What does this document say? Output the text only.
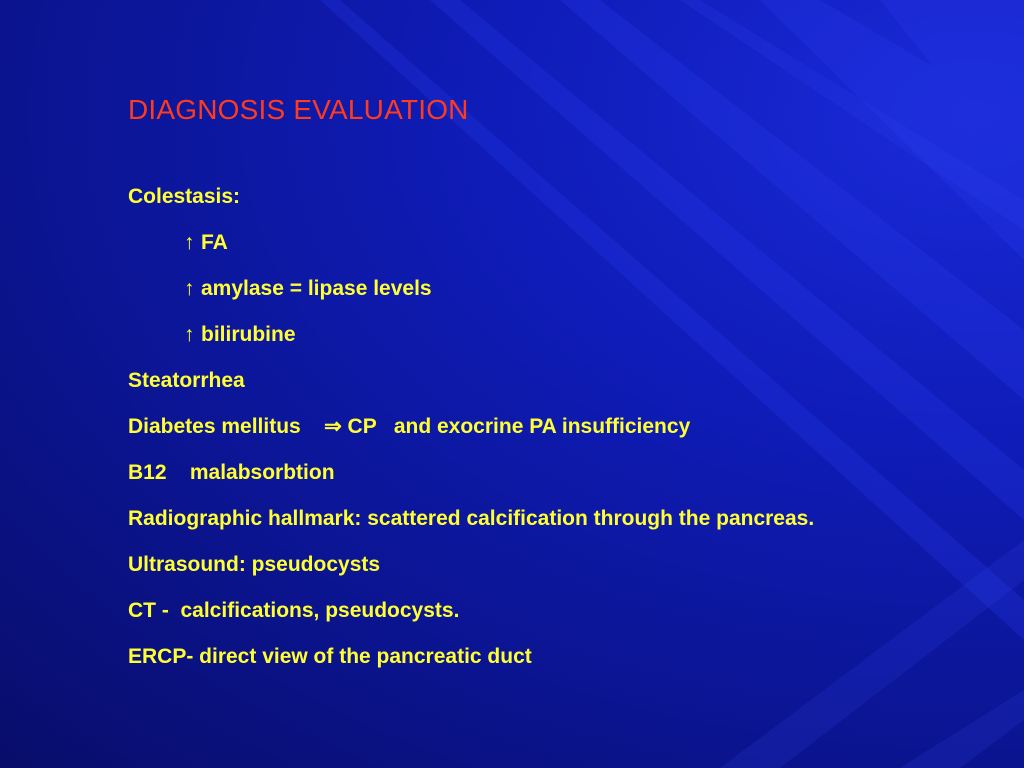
DIAGNOSIS EVALUATION
Colestasis:
↑ FA
↑ amylase = lipase levels
↑ bilirubine
Steatorrhea
Diabetes mellitus ⇒ CP   and exocrine PA insufficiency
B12    malabsorbtion
Radiographic hallmark: scattered calcification through the pancreas.
Ultrasound: pseudocysts
CT -  calcifications, pseudocysts.
ERCP- direct view of the pancreatic duct
